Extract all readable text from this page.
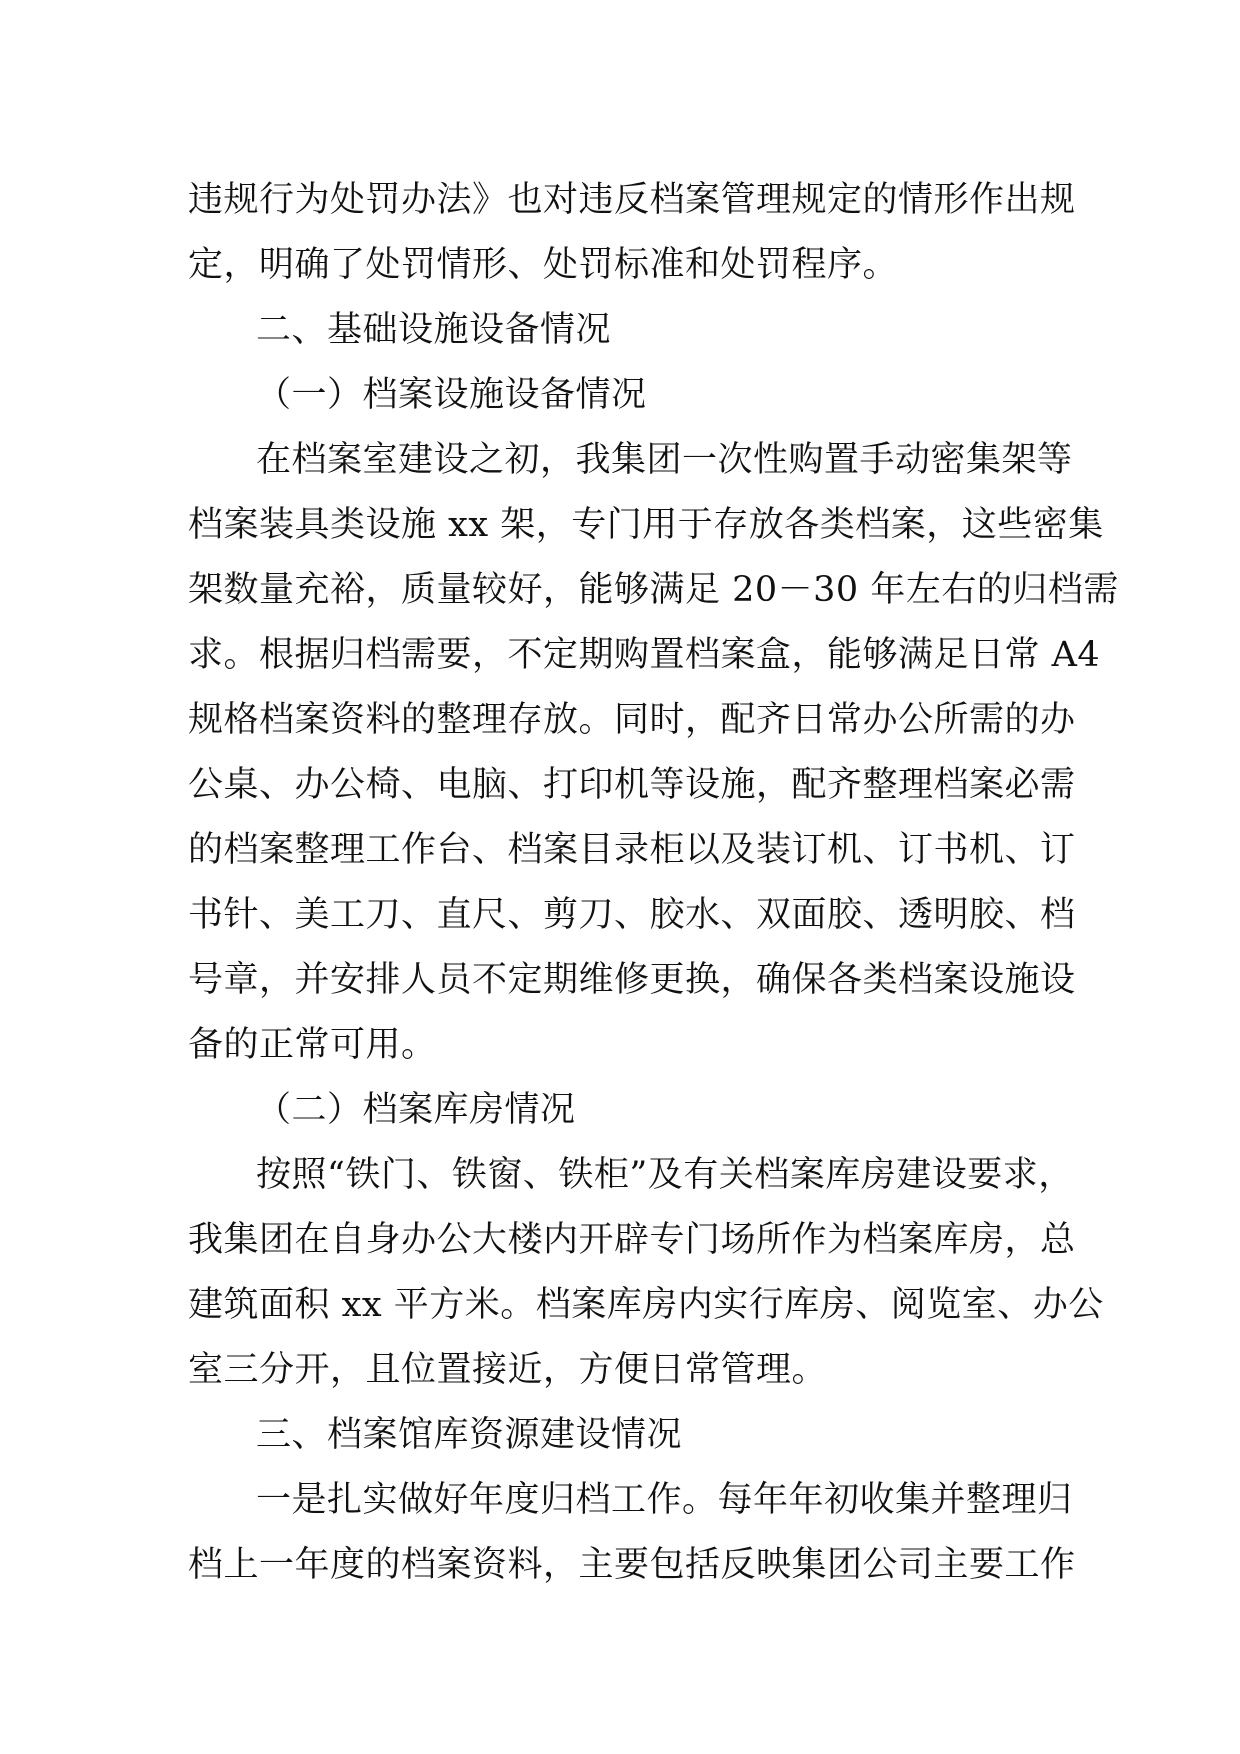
违规行为处罚办法》也对违反档案管理规定的情形作出规
定，明确了处罚情形、处罚标准和处罚程序。
二、基础设施设备情况
（一）档案设施设备情况
在档案室建设之初，我集团一次性购置手动密集架等
档案装具类设施 xx 架，专门用于存放各类档案，这些密集
架数量充裕，质量较好，能够满足 20－30 年左右的归档需
求。根据归档需要，不定期购置档案盒，能够满足日常 A4
规格档案资料的整理存放。同时，配齐日常办公所需的办
公桌、办公椅、电脑、打印机等设施，配齐整理档案必需
的档案整理工作台、档案目录柜以及装订机、订书机、订
书针、美工刀、直尺、剪刀、胶水、双面胶、透明胶、档
号章，并安排人员不定期维修更换，确保各类档案设施设
备的正常可用。
（二）档案库房情况
按照“铁门、铁窗、铁柜”及有关档案库房建设要求，
我集团在自身办公大楼内开辟专门场所作为档案库房，总
建筑面积 xx 平方米。档案库房内实行库房、阅览室、办公
室三分开，且位置接近，方便日常管理。
三、档案馆库资源建设情况
一是扎实做好年度归档工作。每年年初收集并整理归
档上一年度的档案资料，主要包括反映集团公司主要工作
